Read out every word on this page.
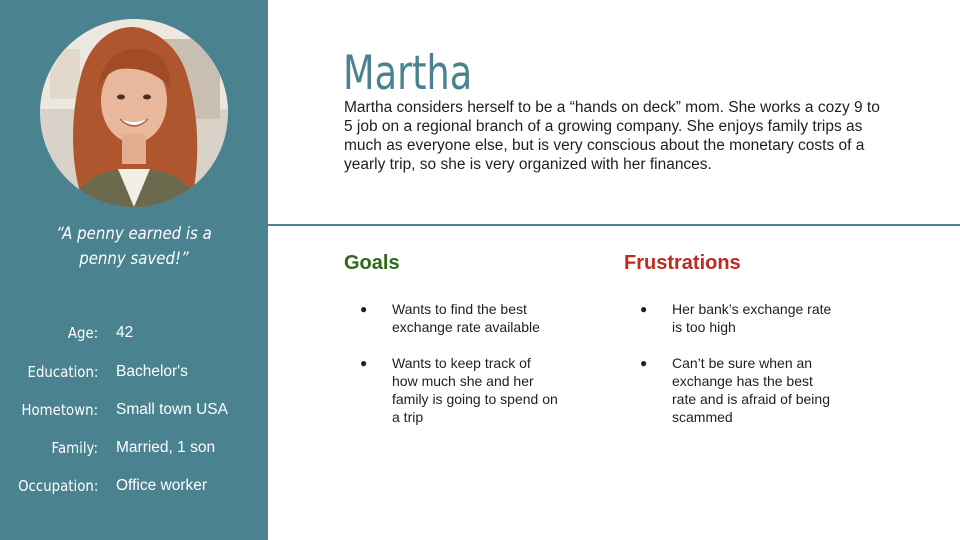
“A penny earned is a penny saved!”
Age: 42
Education: Bachelor's
Hometown: Small town USA
Family: Married, 1 son
Occupation: Office worker
Martha
Martha considers herself to be a “hands on deck” mom. She works a cozy 9 to 5 job on a regional branch of a growing company. She enjoys family trips as much as everyone else, but is very conscious about the monetary costs of a yearly trip, so she is very organized with her finances.
Goals
● Wants to find the best exchange rate available
● Wants to keep track of how much she and her family is going to spend on a trip
Frustrations
● Her bank’s exchange rate is too high
● Can’t be sure when an exchange has the best rate and is afraid of being scammed
